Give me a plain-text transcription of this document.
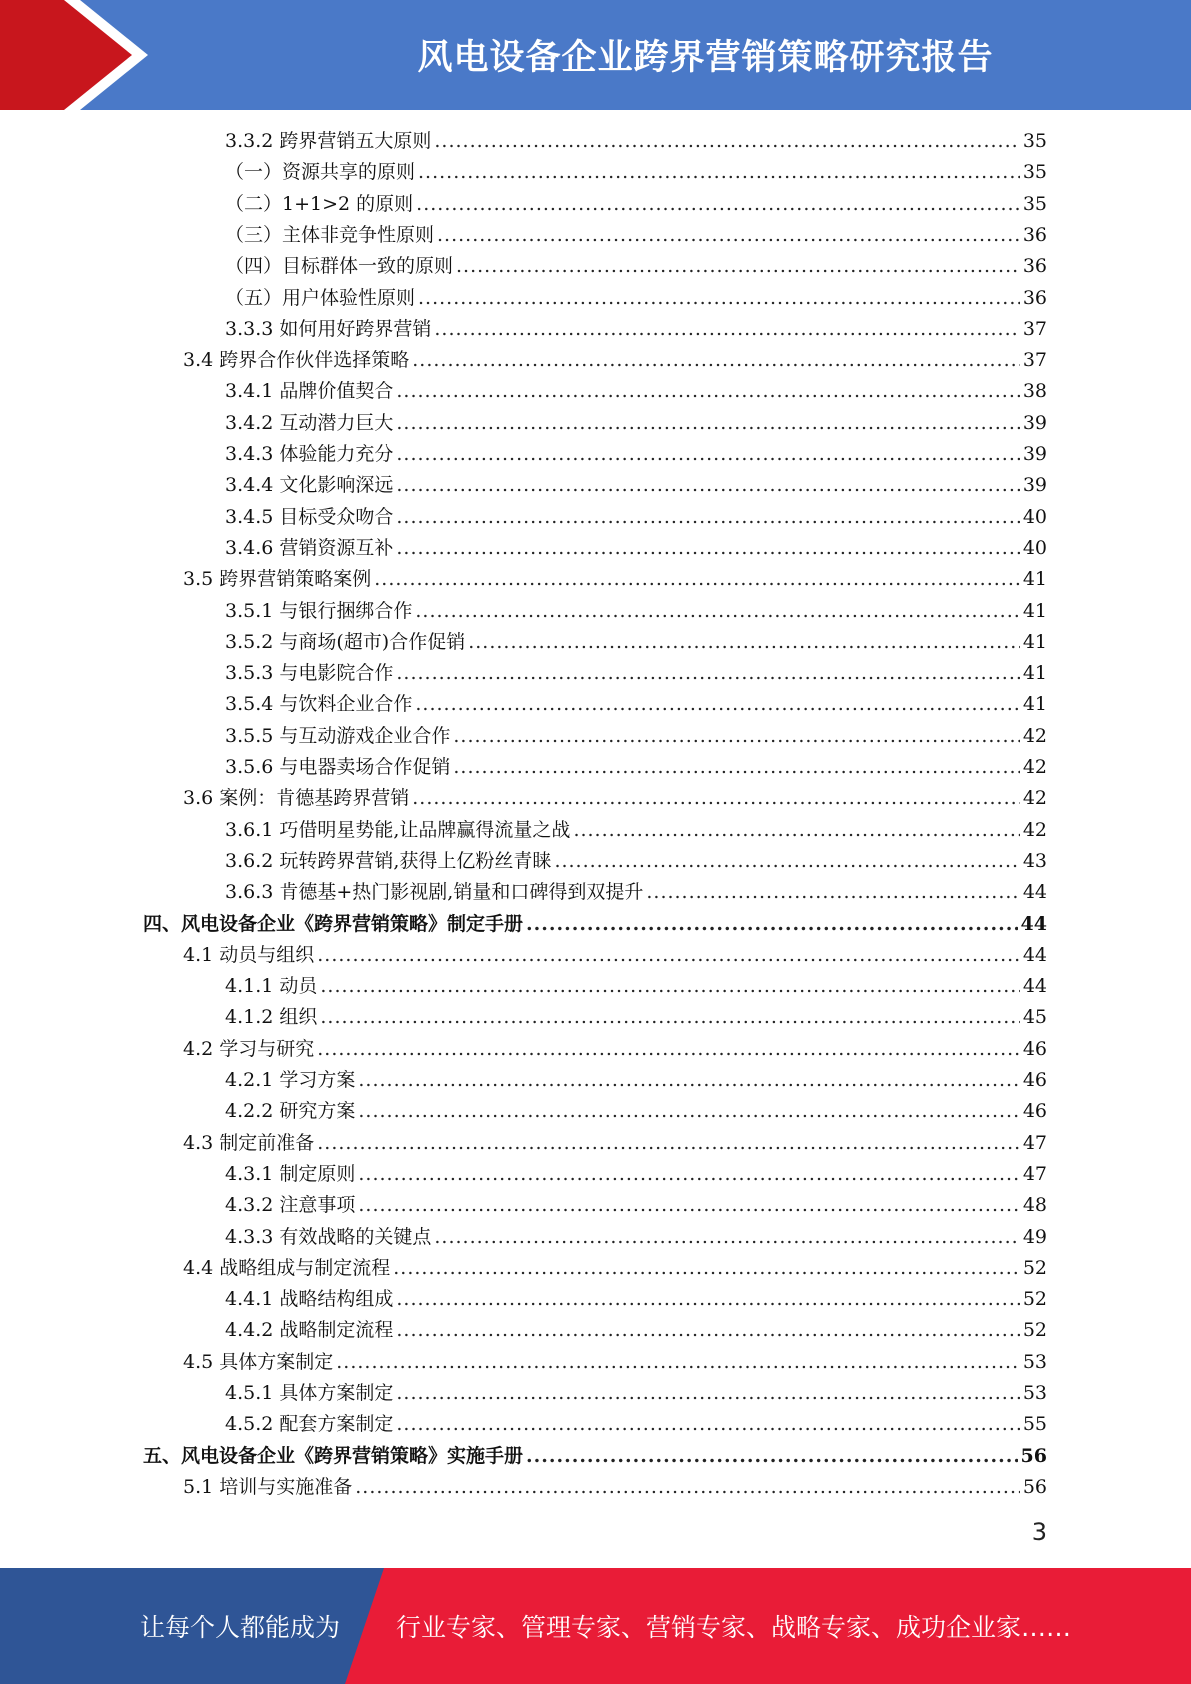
风电设备企业跨界营销策略研究报告
3.3.2 跨界营销五大原则 .....	35
（一）资源共享的原则 .....	35
（二）1+1>2 的原则 .....	35
（三）主体非竞争性原则 .....	36
（四）目标群体一致的原则 .....	36
（五）用户体验性原则 .....	36
3.3.3 如何用好跨界营销 .....	37
3.4 跨界合作伙伴选择策略 .....	37
3.4.1 品牌价值契合 .....	38
3.4.2 互动潜力巨大 .....	39
3.4.3 体验能力充分 .....	39
3.4.4 文化影响深远 .....	39
3.4.5 目标受众吻合 .....	40
3.4.6 营销资源互补 .....	40
3.5 跨界营销策略案例 .....	41
3.5.1 与银行捆绑合作 .....	41
3.5.2 与商场(超市)合作促销 .....	41
3.5.3 与电影院合作 .....	41
3.5.4 与饮料企业合作 .....	41
3.5.5 与互动游戏企业合作 .....	42
3.5.6 与电器卖场合作促销 .....	42
3.6 案例：肯德基跨界营销 .....	42
3.6.1 巧借明星势能,让品牌赢得流量之战 .....	42
3.6.2 玩转跨界营销,获得上亿粉丝青睐 .....	43
3.6.3 肯德基+热门影视剧,销量和口碑得到双提升 .....	44
四、风电设备企业《跨界营销策略》制定手册 .....	44
4.1 动员与组织 .....	44
4.1.1 动员 .....	44
4.1.2 组织 .....	45
4.2 学习与研究 .....	46
4.2.1 学习方案 .....	46
4.2.2 研究方案 .....	46
4.3 制定前准备 .....	47
4.3.1 制定原则 .....	47
4.3.2 注意事项 .....	48
4.3.3 有效战略的关键点 .....	49
4.4 战略组成与制定流程 .....	52
4.4.1 战略结构组成 .....	52
4.4.2 战略制定流程 .....	52
4.5 具体方案制定 .....	53
4.5.1 具体方案制定 .....	53
4.5.2 配套方案制定 .....	55
五、风电设备企业《跨界营销策略》实施手册 .....	56
5.1 培训与实施准备 .....	56
3
让每个人都能成为 行业专家、管理专家、营销专家、战略专家、成功企业家……
